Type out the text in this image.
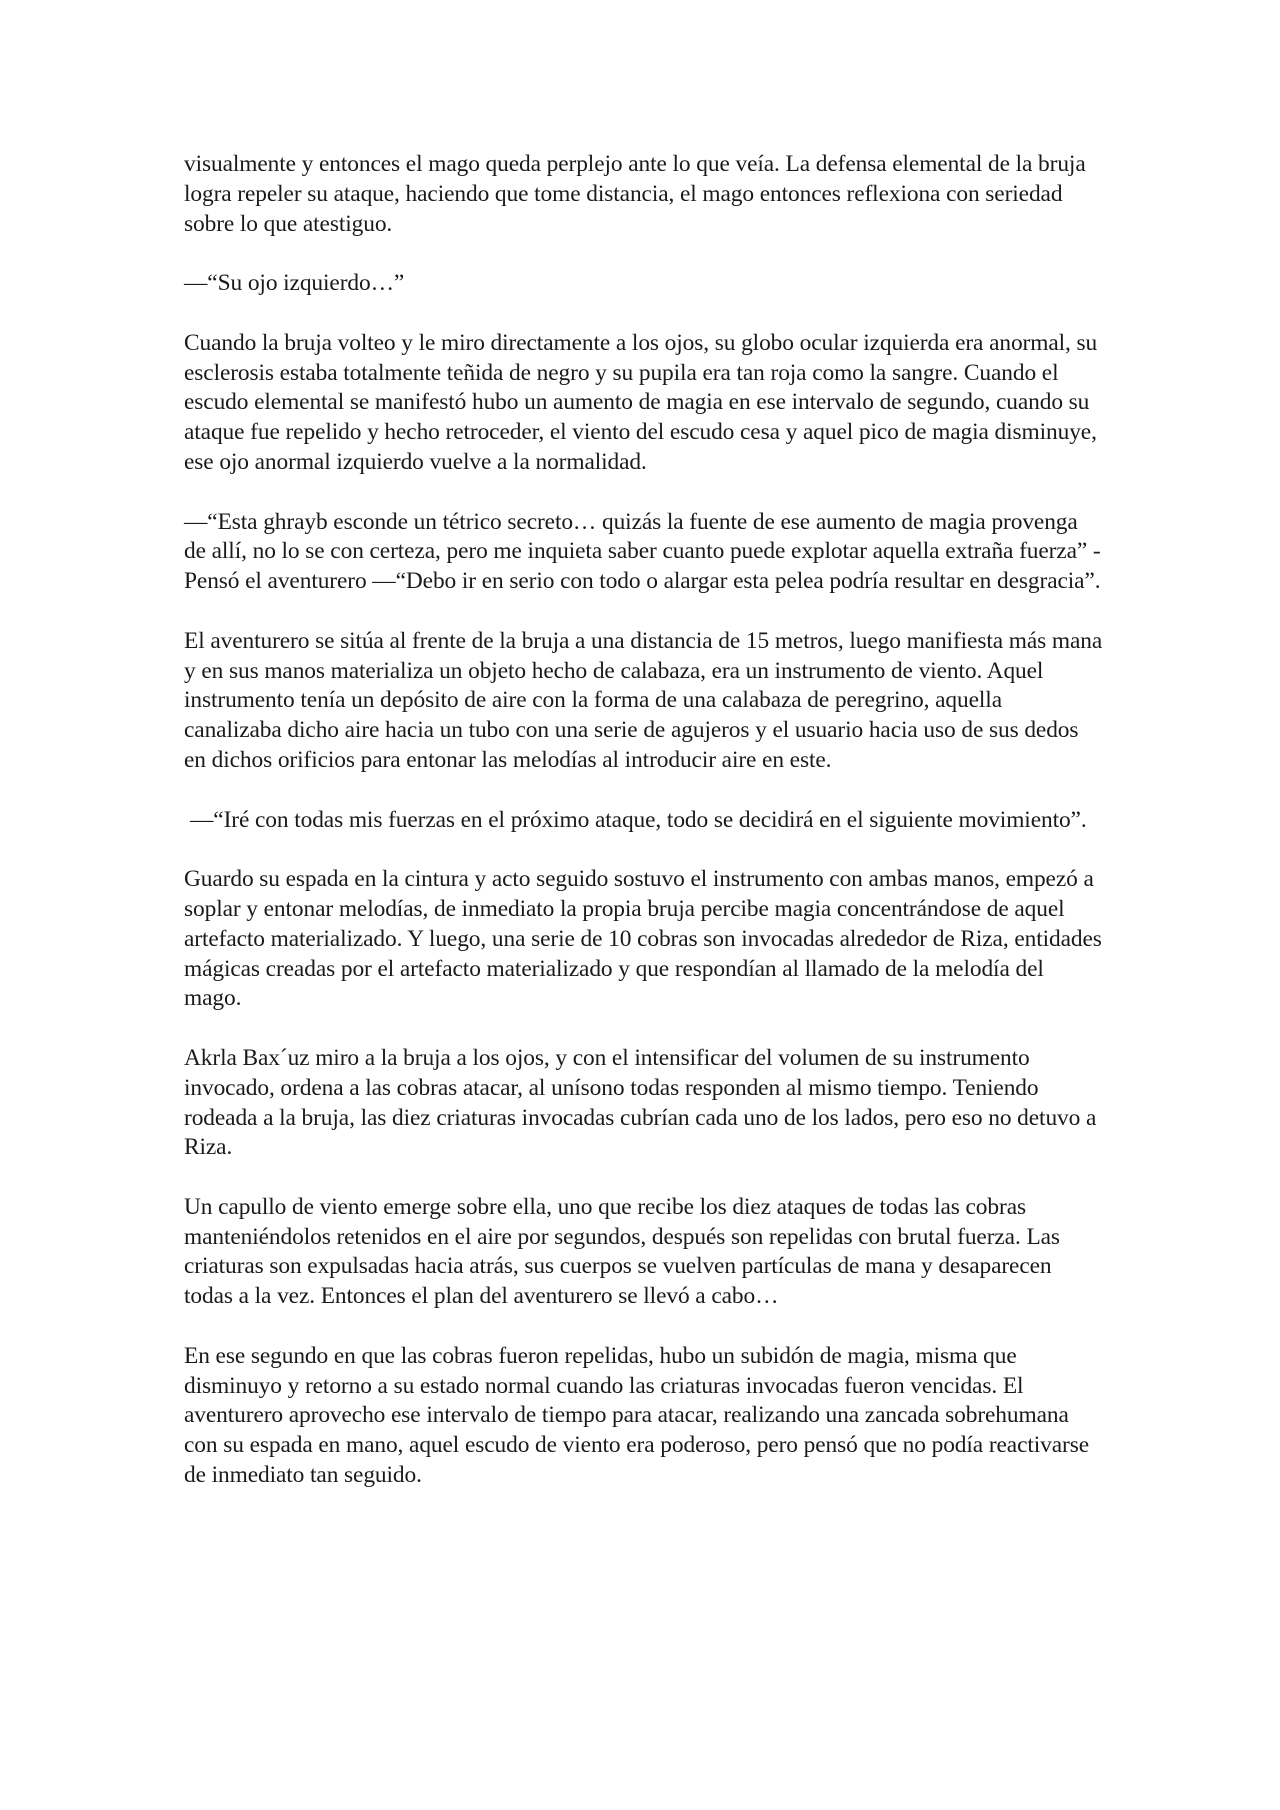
visualmente y entonces el mago queda perplejo ante lo que veía. La defensa elemental de la bruja logra repeler su ataque, haciendo que tome distancia, el mago entonces reflexiona con seriedad sobre lo que atestiguo.

—“Su ojo izquierdo…”

Cuando la bruja volteo y le miro directamente a los ojos, su globo ocular izquierda era anormal, su esclerosis estaba totalmente teñida de negro y su pupila era tan roja como la sangre. Cuando el escudo elemental se manifestó hubo un aumento de magia en ese intervalo de segundo, cuando su ataque fue repelido y hecho retroceder, el viento del escudo cesa y aquel pico de magia disminuye, ese ojo anormal izquierdo vuelve a la normalidad.

—“Esta ghrayb esconde un tétrico secreto… quizás la fuente de ese aumento de magia provenga de allí, no lo se con certeza, pero me inquieta saber cuanto puede explotar aquella extraña fuerza” -Pensó el aventurero —“Debo ir en serio con todo o alargar esta pelea podría resultar en desgracia”.

El aventurero se sitúa al frente de la bruja a una distancia de 15 metros, luego manifiesta más mana y en sus manos materializa un objeto hecho de calabaza, era un instrumento de viento. Aquel instrumento tenía un depósito de aire con la forma de una calabaza de peregrino, aquella canalizaba dicho aire hacia un tubo con una serie de agujeros y el usuario hacia uso de sus dedos en dichos orificios para entonar las melodías al introducir aire en este.

—“Iré con todas mis fuerzas en el próximo ataque, todo se decidirá en el siguiente movimiento”.

Guardo su espada en la cintura y acto seguido sostuvo el instrumento con ambas manos, empezó a soplar y entonar melodías, de inmediato la propia bruja percibe magia concentrándose de aquel artefacto materializado. Y luego, una serie de 10 cobras son invocadas alrededor de Riza, entidades mágicas creadas por el artefacto materializado y que respondían al llamado de la melodía del mago.

Akrla Bax´uz miro a la bruja a los ojos, y con el intensificar del volumen de su instrumento invocado, ordena a las cobras atacar, al unísono todas responden al mismo tiempo. Teniendo rodeada a la bruja, las diez criaturas invocadas cubrían cada uno de los lados, pero eso no detuvo a Riza.

Un capullo de viento emerge sobre ella, uno que recibe los diez ataques de todas las cobras manteniéndolos retenidos en el aire por segundos, después son repelidas con brutal fuerza. Las criaturas son expulsadas hacia atrás, sus cuerpos se vuelven partículas de mana y desaparecen todas a la vez. Entonces el plan del aventurero se llevó a cabo…

En ese segundo en que las cobras fueron repelidas, hubo un subidón de magia, misma que disminuyo y retorno a su estado normal cuando las criaturas invocadas fueron vencidas. El aventurero aprovecho ese intervalo de tiempo para atacar, realizando una zancada sobrehumana con su espada en mano, aquel escudo de viento era poderoso, pero pensó que no podía reactivarse de inmediato tan seguido.
